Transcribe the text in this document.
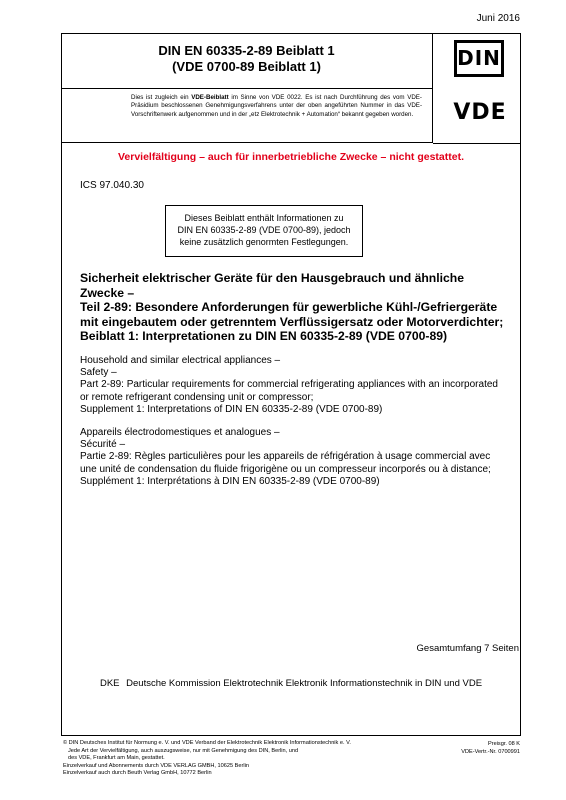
Juni 2016
DIN EN 60335-2-89 Beiblatt 1
(VDE 0700-89 Beiblatt 1)	DIN
Dies ist zugleich ein VDE-Beiblatt im Sinne von VDE 0022. Es ist nach Durchführung des vom VDE-Präsidium beschlossenen Genehmigungsverfahrens unter der oben angeführten Nummer in das VDE-Vorschriftenwerk aufgenommen und in der „etz Elektrotechnik + Automation“ bekannt gegeben worden.	VDE
Vervielfältigung – auch für innerbetriebliche Zwecke – nicht gestattet.
ICS 97.040.30
Dieses Beiblatt enthält Informationen zu
DIN EN 60335-2-89 (VDE 0700-89), jedoch
keine zusätzlich genormten Festlegungen.
Sicherheit elektrischer Geräte für den Hausgebrauch und ähnliche
Zwecke –
Teil 2-89: Besondere Anforderungen für gewerbliche Kühl-/Gefriergeräte
mit eingebautem oder getrenntem Verflüssigersatz oder Motorverdichter;
Beiblatt 1: Interpretationen zu DIN EN 60335-2-89 (VDE 0700-89)
Household and similar electrical appliances –
Safety –
Part 2-89: Particular requirements for commercial refrigerating appliances with an incorporated
or remote refrigerant condensing unit or compressor;
Supplement 1: Interpretations of DIN EN 60335-2-89 (VDE 0700-89)
Appareils électrodomestiques et analogues –
Sécurité –
Partie 2-89: Règles particulières pour les appareils de réfrigération à usage commercial avec
une unité de condensation du fluide frigorigène ou un compresseur incorporés ou à distance;
Supplément 1: Interprétations à DIN EN 60335-2-89 (VDE 0700-89)
Gesamtumfang 7 Seiten
DKE Deutsche Kommission Elektrotechnik Elektronik Informationstechnik in DIN und VDE
© DIN Deutsches Institut für Normung e. V. und VDE Verband der Elektrotechnik Elektronik Informationstechnik e. V.
Jede Art der Vervielfältigung, auch auszugsweise, nur mit Genehmigung des DIN, Berlin, und
des VDE, Frankfurt am Main, gestattet.
Einzelverkauf und Abonnements durch VDE VERLAG GMBH, 10625 Berlin
Einzelverkauf auch durch Beuth Verlag GmbH, 10772 Berlin
Preisgr. 08 K
VDE-Vertr.-Nr. 0700991
